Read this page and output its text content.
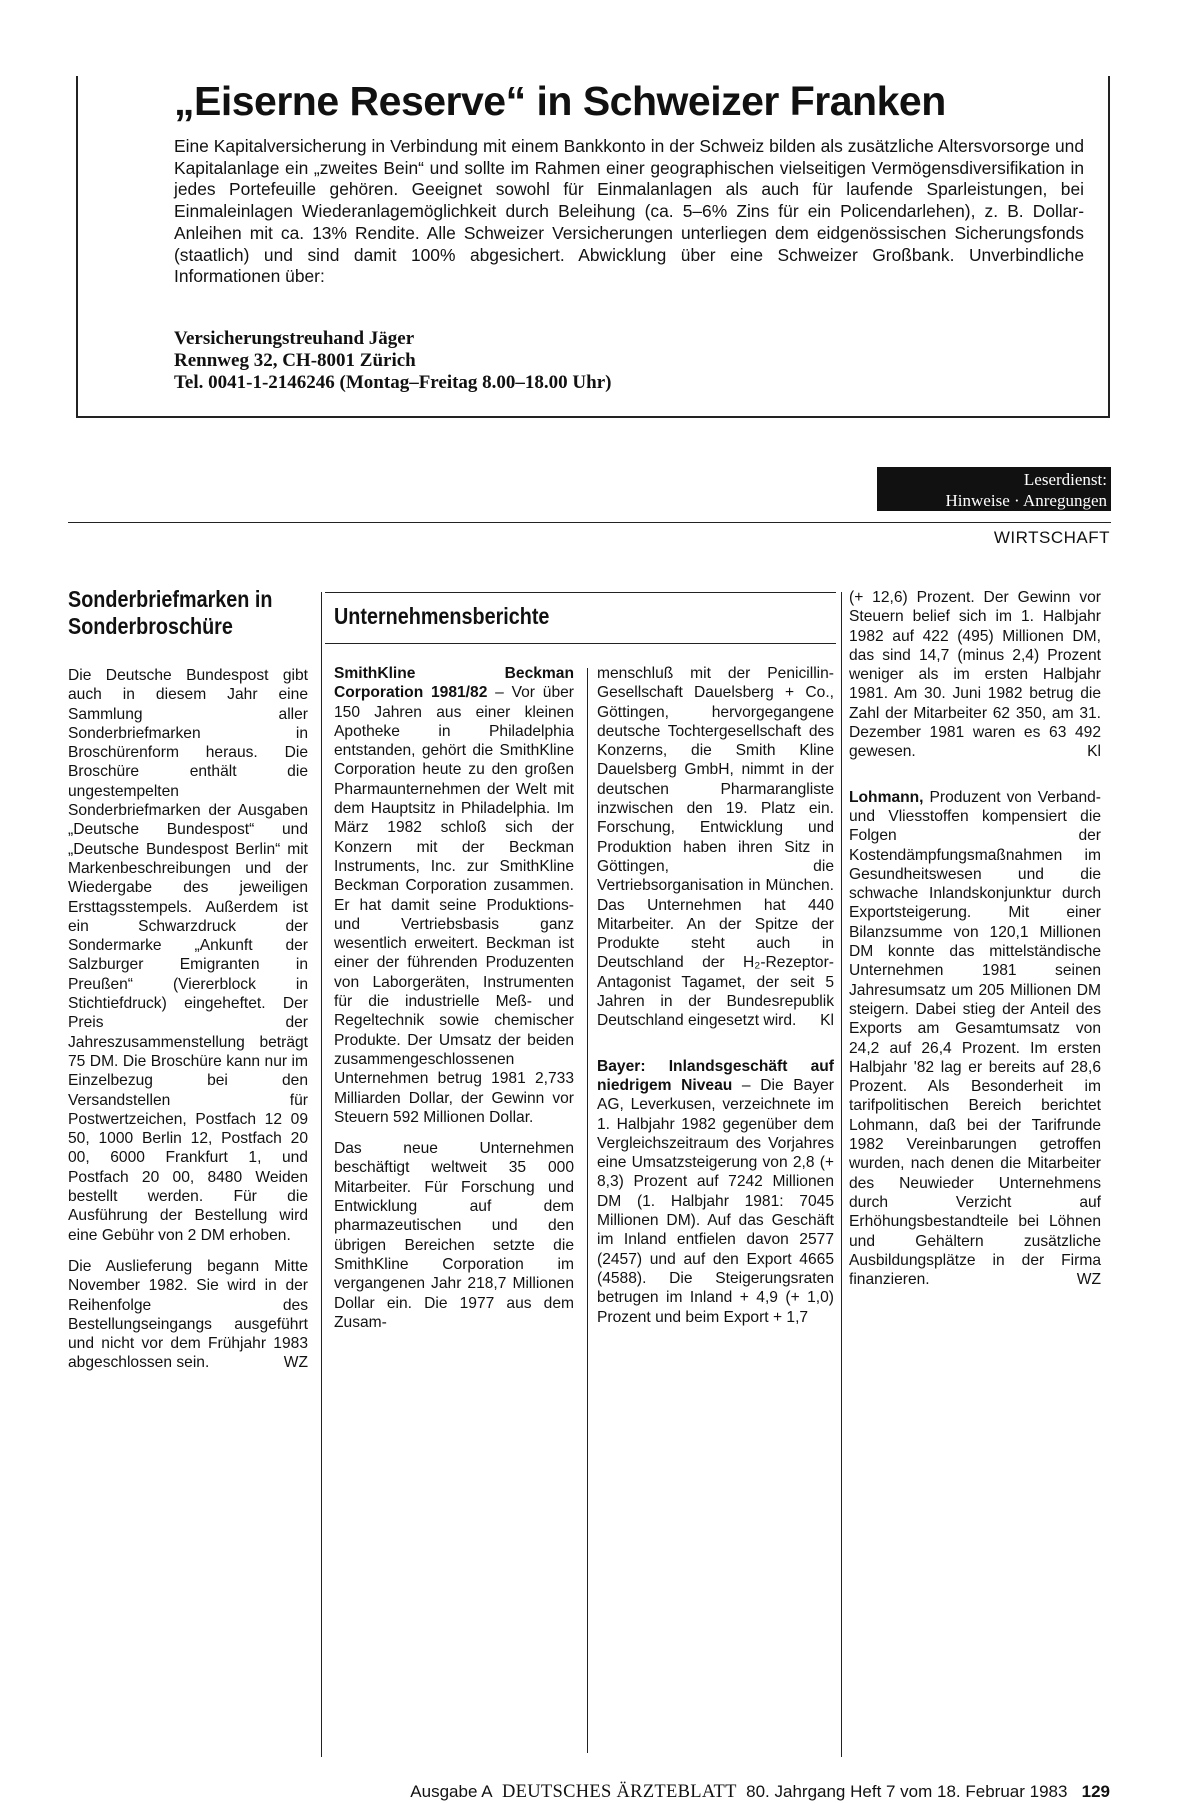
„Eiserne Reserve“ in Schweizer Franken
Eine Kapitalversicherung in Verbindung mit einem Bankkonto in der Schweiz bilden als zusätzliche Altersvorsorge und Kapitalanlage ein „zweites Bein“ und sollte im Rahmen einer geographischen vielseitigen Vermögensdiversifikation in jedes Portefeuille gehören. Geeignet sowohl für Einmalanlagen als auch für laufende Sparleistungen, bei Einmaleinlagen Wiederanlagemöglichkeit durch Beleihung (ca. 5–6% Zins für ein Policendarlehen), z. B. Dollar-Anleihen mit ca. 13% Rendite. Alle Schweizer Versicherungen unterliegen dem eidgenössischen Sicherungsfonds (staatlich) und sind damit 100% abgesichert. Abwicklung über eine Schweizer Großbank. Unverbindliche Informationen über:
Versicherungstreuhand Jäger
Rennweg 32, CH-8001 Zürich
Tel. 0041-1-2146246 (Montag–Freitag 8.00–18.00 Uhr)
Leserdienst:
Hinweise · Anregungen
WIRTSCHAFT
Sonderbriefmarken in Sonderbroschüre

Die Deutsche Bundespost gibt auch in diesem Jahr eine Sammlung aller Sonderbriefmarken in Broschürenform heraus. Die Broschüre enthält die ungestempelten Sonderbriefmarken der Ausgaben „Deutsche Bundespost“ und „Deutsche Bundespost Berlin“ mit Markenbeschreibungen und der Wiedergabe des jeweiligen Ersttagsstempels. Außerdem ist ein Schwarzdruck der Sondermarke „Ankunft der Salzburger Emigranten in Preußen“ (Viererblock in Stichtiefdruck) eingeheftet. Der Preis der Jahreszusammenstellung beträgt 75 DM. Die Broschüre kann nur im Einzelbezug bei den Versandstellen für Postwertzeichen, Postfach 12 09 50, 1000 Berlin 12, Postfach 20 00, 6000 Frankfurt 1, und Postfach 20 00, 8480 Weiden bestellt werden. Für die Ausführung der Bestellung wird eine Gebühr von 2 DM erhoben.

Die Auslieferung begann Mitte November 1982. Sie wird in der Reihenfolge des Bestellungseingangs ausgeführt und nicht vor dem Frühjahr 1983 abgeschlossen sein.	WZ

Unternehmensberichte

SmithKline Beckman Corporation 1981/82 – Vor über 150 Jahren aus einer kleinen Apotheke in Philadelphia entstanden, gehört die SmithKline Corporation heute zu den großen Pharmaunternehmen der Welt mit dem Hauptsitz in Philadelphia. Im März 1982 schloß sich der Konzern mit der Beckman Instruments, Inc. zur SmithKline Beckman Corporation zusammen. Er hat damit seine Produktions- und Vertriebsbasis ganz wesentlich erweitert. Beckman ist einer der führenden Produzenten von Laborgeräten, Instrumenten für die industrielle Meß- und Regeltechnik sowie chemischer Produkte. Der Umsatz der beiden zusammengeschlossenen Unternehmen betrug 1981 2,733 Milliarden Dollar, der Gewinn vor Steuern 592 Millionen Dollar.

Das neue Unternehmen beschäftigt weltweit 35 000 Mitarbeiter. Für Forschung und Entwicklung auf dem pharmazeutischen und den übrigen Bereichen setzte die SmithKline Corporation im vergangenen Jahr 218,7 Millionen Dollar ein. Die 1977 aus dem Zusam-

menschluß mit der Penicillin-Gesellschaft Dauelsberg + Co., Göttingen, hervorgegangene deutsche Tochtergesellschaft des Konzerns, die Smith Kline Dauelsberg GmbH, nimmt in der deutschen Pharmarangliste inzwischen den 19. Platz ein. Forschung, Entwicklung und Produktion haben ihren Sitz in Göttingen, die Vertriebsorganisation in München. Das Unternehmen hat 440 Mitarbeiter. An der Spitze der Produkte steht auch in Deutschland der H₂-Rezeptor-Antagonist Tagamet, der seit 5 Jahren in der Bundesrepublik Deutschland eingesetzt wird. Kl

Bayer: Inlandsgeschäft auf niedrigem Niveau – Die Bayer AG, Leverkusen, verzeichnete im 1. Halbjahr 1982 gegenüber dem Vergleichszeitraum des Vorjahres eine Umsatzsteigerung von 2,8 (+ 8,3) Prozent auf 7242 Millionen DM (1. Halbjahr 1981: 7045 Millionen DM). Auf das Geschäft im Inland entfielen davon 2577 (2457) und auf den Export 4665 (4588). Die Steigerungsraten betrugen im Inland + 4,9 (+ 1,0) Prozent und beim Export + 1,7

(+ 12,6) Prozent. Der Gewinn vor Steuern belief sich im 1. Halbjahr 1982 auf 422 (495) Millionen DM, das sind 14,7 (minus 2,4) Prozent weniger als im ersten Halbjahr 1981. Am 30. Juni 1982 betrug die Zahl der Mitarbeiter 62 350, am 31. Dezember 1981 waren es 63 492 gewesen.	Kl

Lohmann, Produzent von Verband- und Vliesstoffen kompensiert die Folgen der Kostendämpfungsmaßnahmen im Gesundheitswesen und die schwache Inlandskonjunktur durch Exportsteigerung. Mit einer Bilanzsumme von 120,1 Millionen DM konnte das mittelständische Unternehmen 1981 seinen Jahresumsatz um 205 Millionen DM steigern. Dabei stieg der Anteil des Exports am Gesamtumsatz von 24,2 auf 26,4 Prozent. Im ersten Halbjahr '82 lag er bereits auf 28,6 Prozent. Als Besonderheit im tarifpolitischen Bereich berichtet Lohmann, daß bei der Tarifrunde 1982 Vereinbarungen getroffen wurden, nach denen die Mitarbeiter des Neuwieder Unternehmens durch Verzicht auf Erhöhungsbestandteile bei Löhnen und Gehältern zusätzliche Ausbildungsplätze in der Firma finanzieren.	WZ

Ausgabe A DEUTSCHES ÄRZTEBLATT 80. Jahrgang Heft 7 vom 18. Februar 1983 129
